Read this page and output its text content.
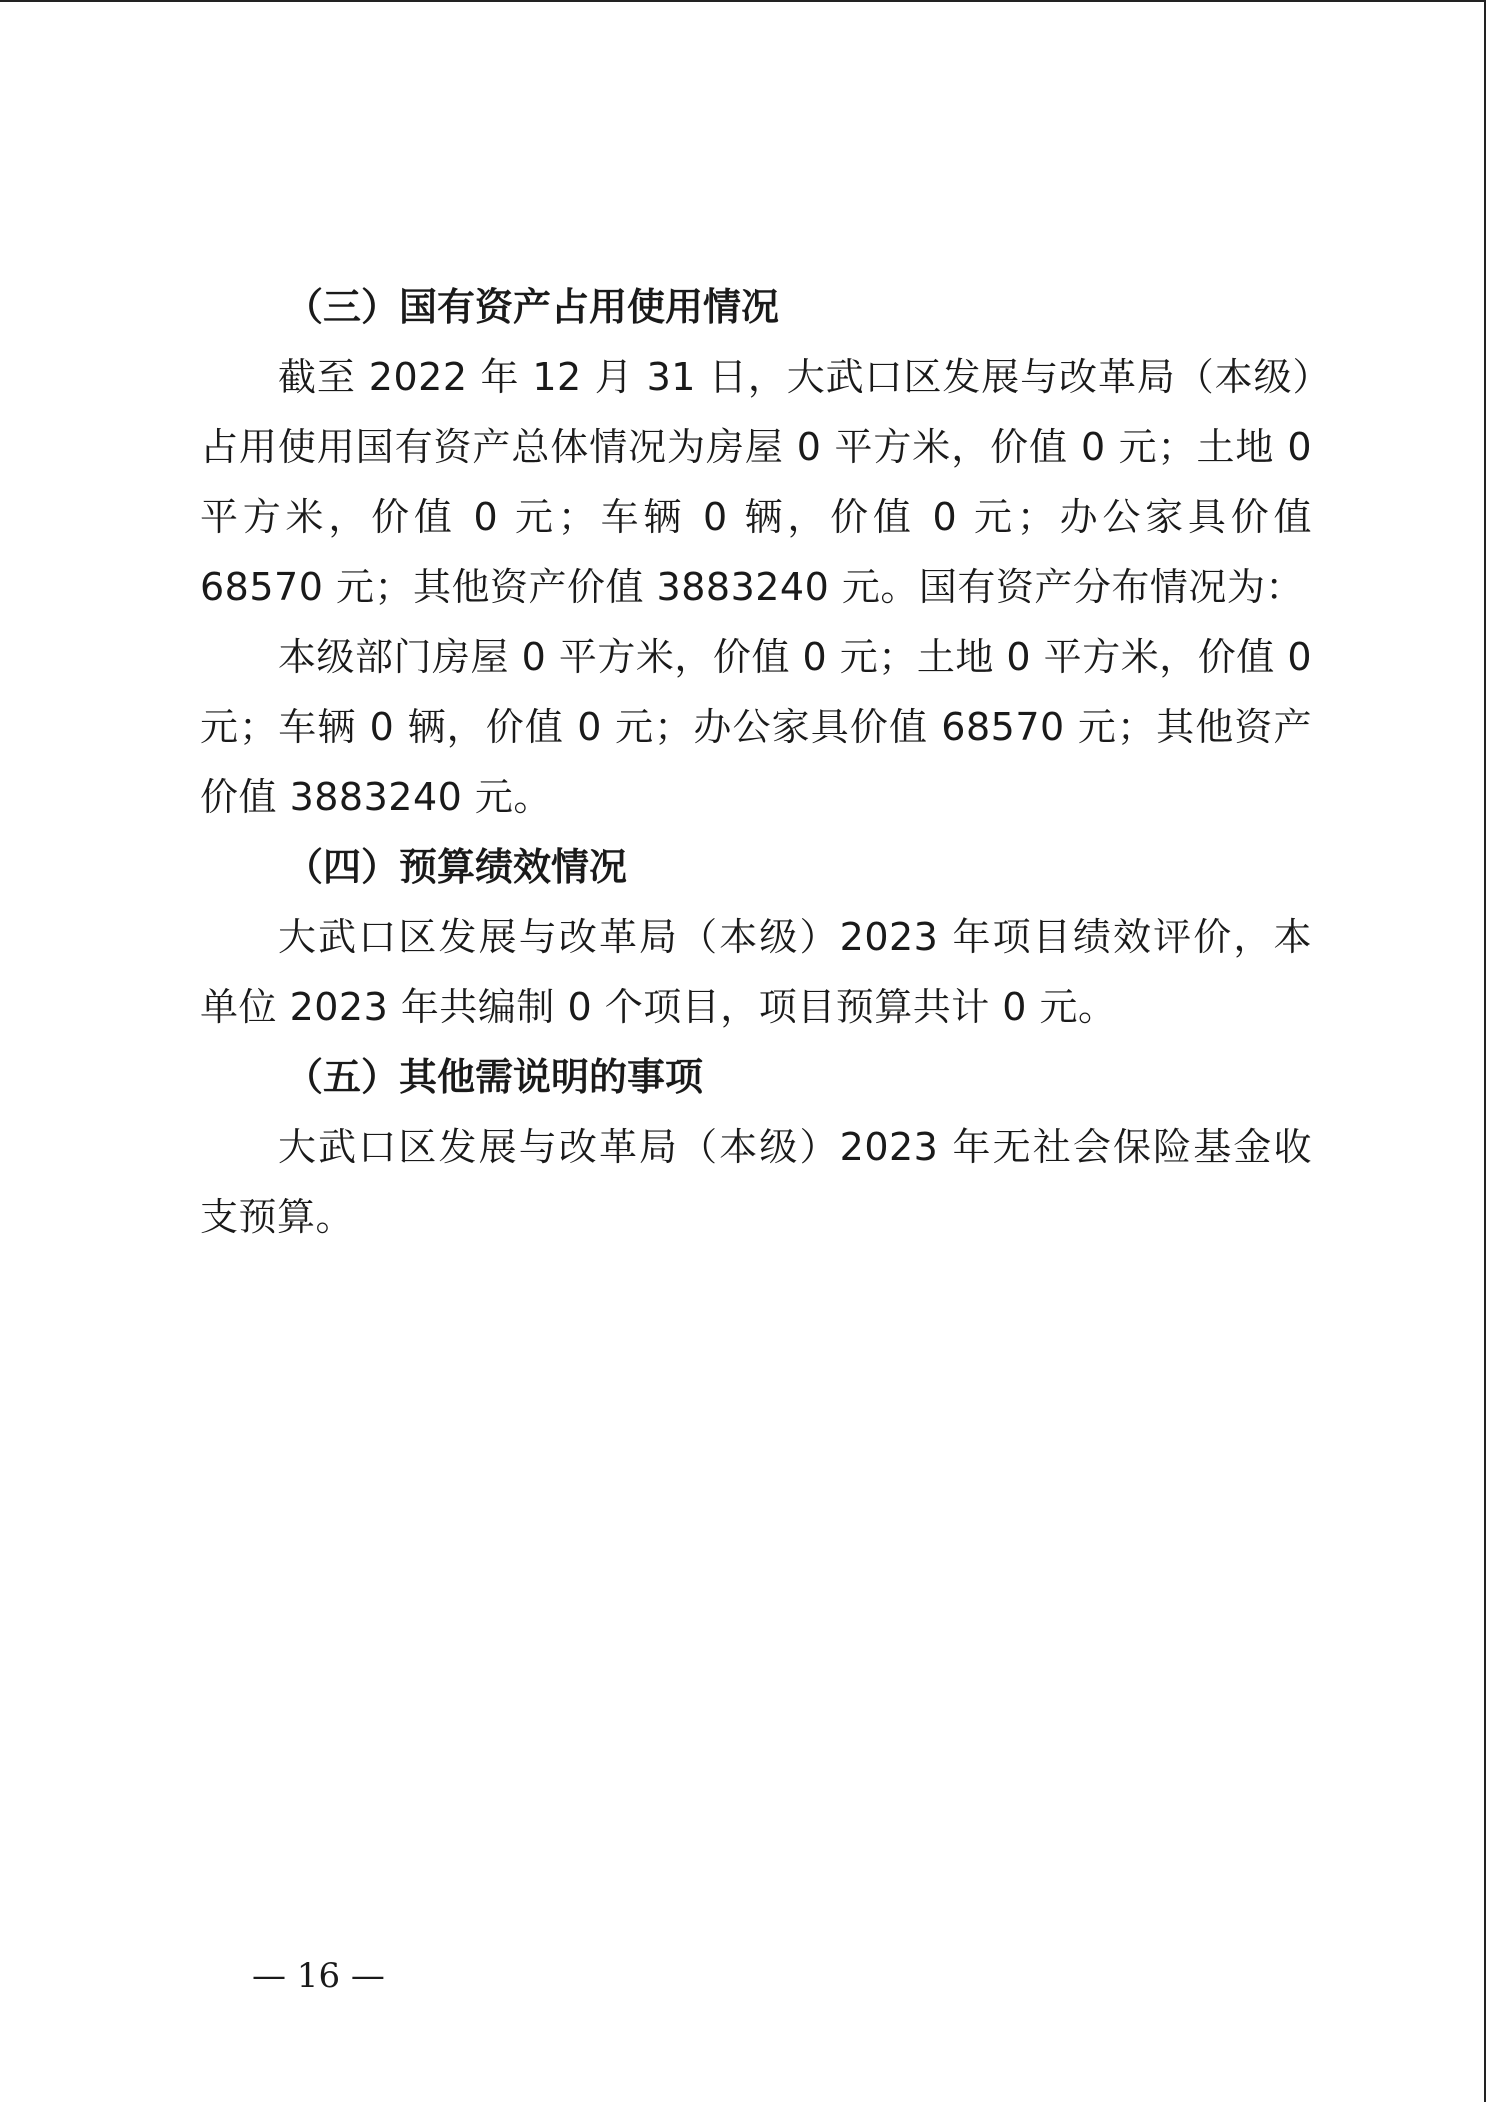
（三）国有资产占用使用情况

截至 2022 年 12 月 31 日，大武口区发展与改革局（本级）占用使用国有资产总体情况为房屋 0 平方米，价值 0 元；土地 0 平方米，价值 0 元；车辆 0 辆，价值 0 元；办公家具价值 68570 元；其他资产价值 3883240 元。国有资产分布情况为：

本级部门房屋 0 平方米，价值 0 元；土地 0 平方米，价值 0 元；车辆 0 辆，价值 0 元；办公家具价值 68570 元；其他资产价值 3883240 元。

（四）预算绩效情况

大武口区发展与改革局（本级）2023 年项目绩效评价，本单位 2023 年共编制 0 个项目，项目预算共计 0 元。

（五）其他需说明的事项

大武口区发展与改革局（本级）2023 年无社会保险基金收支预算。

— 16 —
